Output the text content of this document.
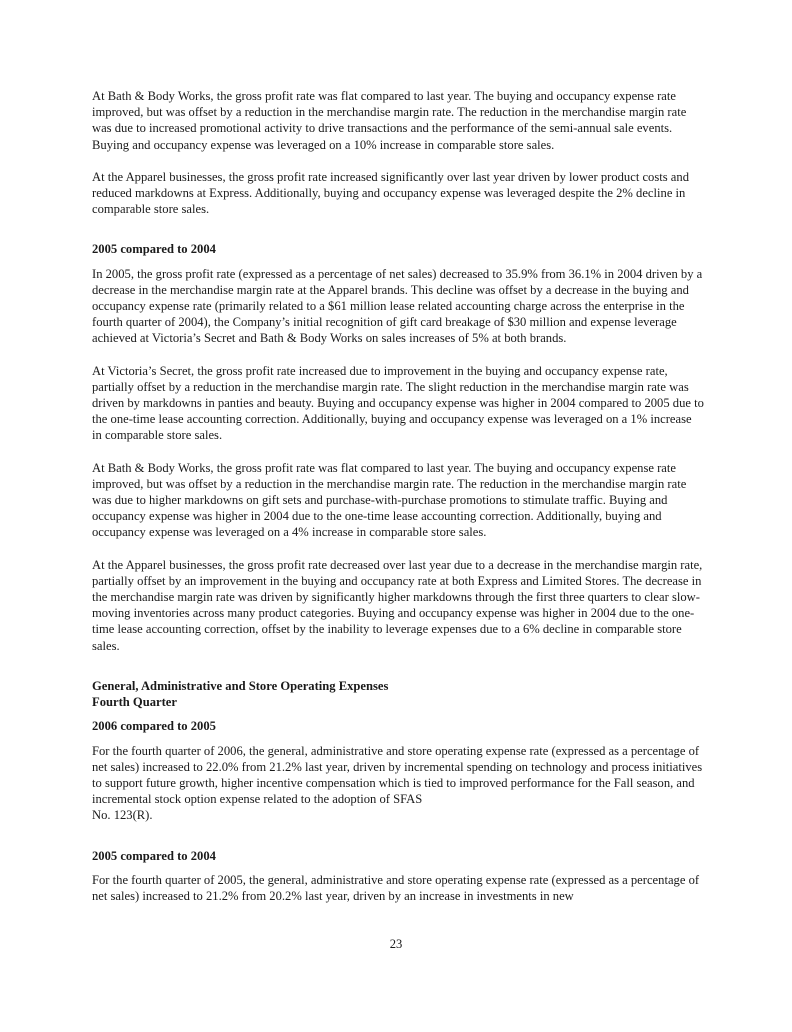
At Bath & Body Works, the gross profit rate was flat compared to last year. The buying and occupancy expense rate improved, but was offset by a reduction in the merchandise margin rate. The reduction in the merchandise margin rate was due to increased promotional activity to drive transactions and the performance of the semi-annual sale events. Buying and occupancy expense was leveraged on a 10% increase in comparable store sales.

At the Apparel businesses, the gross profit rate increased significantly over last year driven by lower product costs and reduced markdowns at Express. Additionally, buying and occupancy expense was leveraged despite the 2% decline in comparable store sales.

2005 compared to 2004

In 2005, the gross profit rate (expressed as a percentage of net sales) decreased to 35.9% from 36.1% in 2004 driven by a decrease in the merchandise margin rate at the Apparel brands. This decline was offset by a decrease in the buying and occupancy expense rate (primarily related to a $61 million lease related accounting charge across the enterprise in the fourth quarter of 2004), the Company’s initial recognition of gift card breakage of $30 million and expense leverage achieved at Victoria’s Secret and Bath & Body Works on sales increases of 5% at both brands.

At Victoria’s Secret, the gross profit rate increased due to improvement in the buying and occupancy expense rate, partially offset by a reduction in the merchandise margin rate. The slight reduction in the merchandise margin rate was driven by markdowns in panties and beauty. Buying and occupancy expense was higher in 2004 compared to 2005 due to the one-time lease accounting correction. Additionally, buying and occupancy expense was leveraged on a 1% increase in comparable store sales.

At Bath & Body Works, the gross profit rate was flat compared to last year. The buying and occupancy expense rate improved, but was offset by a reduction in the merchandise margin rate. The reduction in the merchandise margin rate was due to higher markdowns on gift sets and purchase-with-purchase promotions to stimulate traffic. Buying and occupancy expense was higher in 2004 due to the one-time lease accounting correction. Additionally, buying and occupancy expense was leveraged on a 4% increase in comparable store sales.

At the Apparel businesses, the gross profit rate decreased over last year due to a decrease in the merchandise margin rate, partially offset by an improvement in the buying and occupancy rate at both Express and Limited Stores. The decrease in the merchandise margin rate was driven by significantly higher markdowns through the first three quarters to clear slow-moving inventories across many product categories. Buying and occupancy expense was higher in 2004 due to the one-time lease accounting correction, offset by the inability to leverage expenses due to a 6% decline in comparable store sales.

General, Administrative and Store Operating Expenses

Fourth Quarter

2006 compared to 2005

For the fourth quarter of 2006, the general, administrative and store operating expense rate (expressed as a percentage of net sales) increased to 22.0% from 21.2% last year, driven by incremental spending on technology and process initiatives to support future growth, higher incentive compensation which is tied to improved performance for the Fall season, and incremental stock option expense related to the adoption of SFAS
No. 123(R).

2005 compared to 2004

For the fourth quarter of 2005, the general, administrative and store operating expense rate (expressed as a percentage of net sales) increased to 21.2% from 20.2% last year, driven by an increase in investments in new

23
